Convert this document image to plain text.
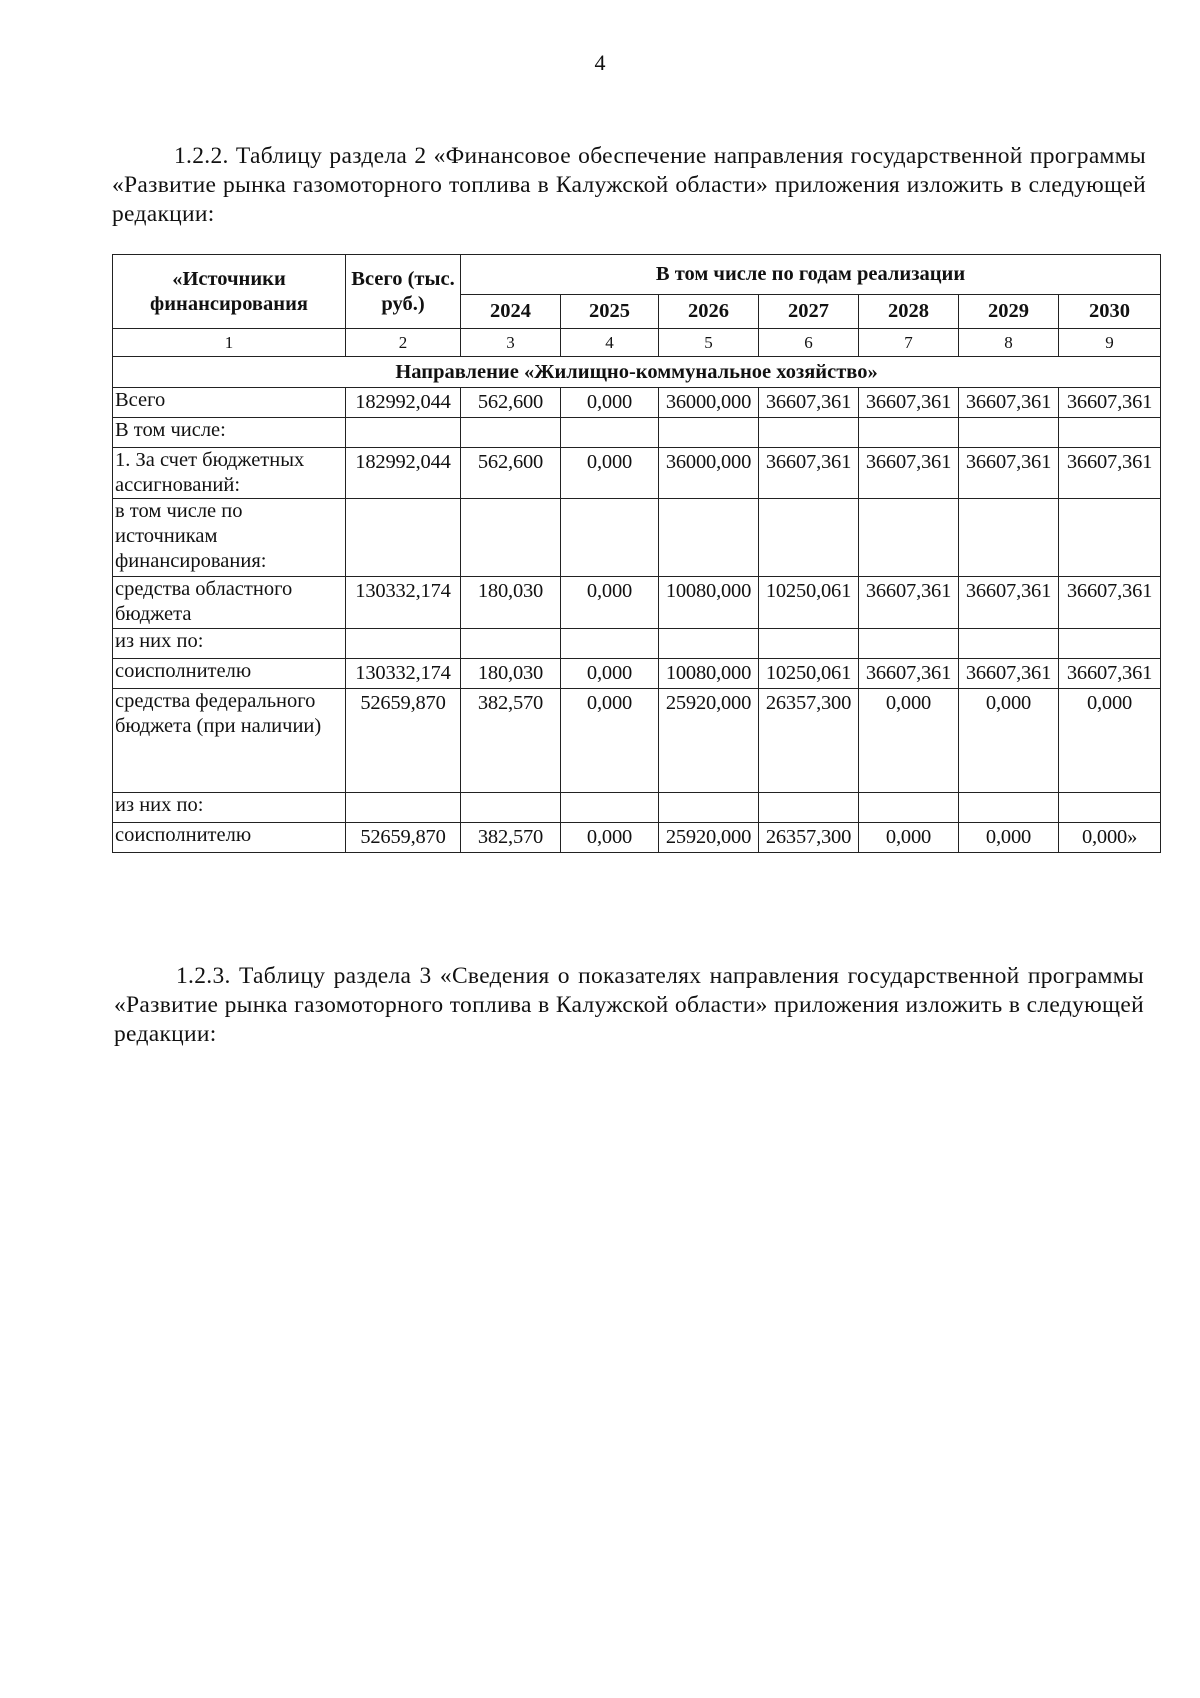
4
1.2.2. Таблицу раздела 2 «Финансовое обеспечение направления государственной программы «Развитие рынка газомоторного топлива в Калужской области» приложения изложить в следующей редакции:
«Источники финансирования	Всего (тыс. руб.)	В том числе по годам реализации						
		2024	2025	2026	2027	2028	2029	2030
1	2	3	4	5	6	7	8	9
Направление «Жилищно-коммунальное хозяйство»								
Всего	182992,044	562,600	0,000	36000,000	36607,361	36607,361	36607,361	36607,361
В том числе:								
1. За счет бюджетных ассигнований:	182992,044	562,600	0,000	36000,000	36607,361	36607,361	36607,361	36607,361
в том числе по источникам финансирования:								
средства областного бюджета	130332,174	180,030	0,000	10080,000	10250,061	36607,361	36607,361	36607,361
из них по:								
соисполнителю	130332,174	180,030	0,000	10080,000	10250,061	36607,361	36607,361	36607,361
средства федерального бюджета (при наличии)	52659,870	382,570	0,000	25920,000	26357,300	0,000	0,000	0,000
из них по:								
соисполнителю	52659,870	382,570	0,000	25920,000	26357,300	0,000	0,000	0,000»
1.2.3. Таблицу раздела 3 «Сведения о показателях направления государственной программы «Развитие рынка газомоторного топлива в Калужской области» приложения изложить в следующей редакции:
